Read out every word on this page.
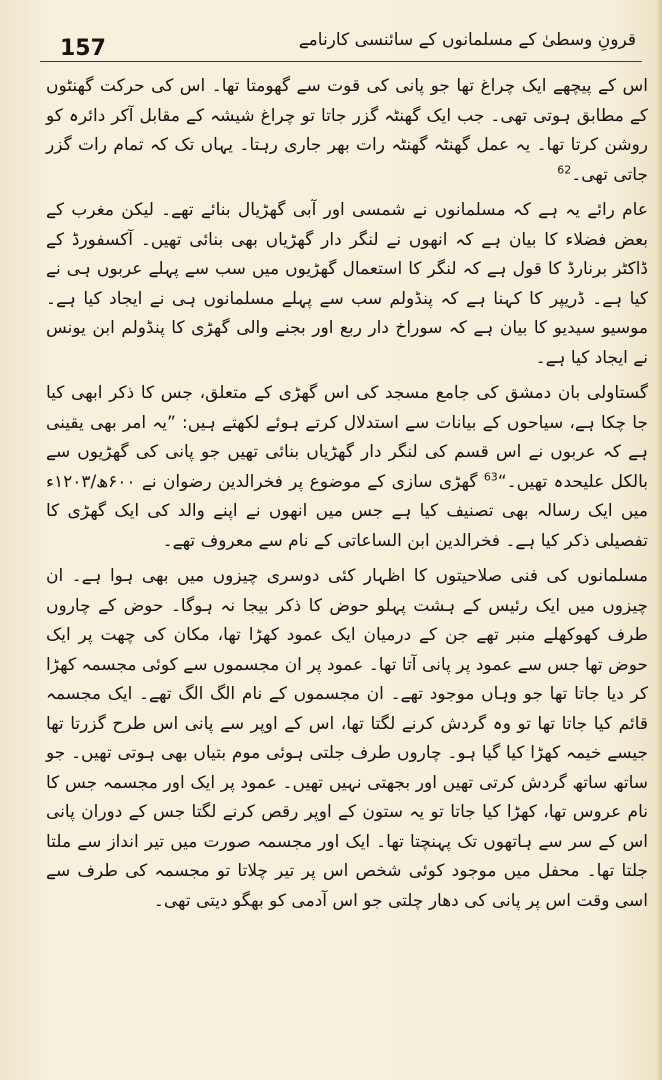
157	قرونِ وسطیٰ کے مسلمانوں کے سائنسی کارنامے

اس کے پیچھے ایک چراغ تھا جو پانی کی قوت سے گھومتا تھا۔ اس کی حرکت گھنٹوں کے مطابق ہوتی تھی۔ جب ایک گھنٹہ گزر جاتا تو چراغ شیشہ کے مقابل آکر دائرہ کو روشن کرتا تھا۔ یہ عمل گھنٹہ گھنٹہ رات بھر جاری رہتا۔ یہاں تک کہ تمام رات گزر جاتی تھی۔$^{62}$

عام رائے یہ ہے کہ مسلمانوں نے شمسی اور آبی گھڑیال بنائے تھے۔ لیکن مغرب کے بعض فضلاء کا بیان ہے کہ انھوں نے لنگر دار گھڑیاں بھی بنائی تھیں۔ آکسفورڈ کے ڈاکٹر برنارڈ کا قول ہے کہ لنگر کا استعمال گھڑیوں میں سب سے پہلے عربوں ہی نے کیا ہے۔ ڈریپر کا کہنا ہے کہ پنڈولم سب سے پہلے مسلمانوں ہی نے ایجاد کیا ہے۔ موسیو سیدیو کا بیان ہے کہ سوراخ دار ربع اور بجنے والی گھڑی کا پنڈولم ابن یونس نے ایجاد کیا ہے۔

گستاولی بان دمشق کی جامع مسجد کی اس گھڑی کے متعلق، جس کا ذکر ابھی کیا جا چکا ہے، سیاحوں کے بیانات سے استدلال کرتے ہوئے لکھتے ہیں: ”یہ امر بھی یقینی ہے کہ عربوں نے اس قسم کی لنگر دار گھڑیاں بنائی تھیں جو پانی کی گھڑیوں سے بالکل علیحدہ تھیں۔“$^{63}$ گھڑی سازی کے موضوع پر فخرالدین رضوان نے ۶۰۰ھ/۱۲۰۳ء میں ایک رسالہ بھی تصنیف کیا ہے جس میں انھوں نے اپنے والد کی ایک گھڑی کا تفصیلی ذکر کیا ہے۔ فخرالدین ابن الساعاتی کے نام سے معروف تھے۔

مسلمانوں کی فنی صلاحیتوں کا اظہار کئی دوسری چیزوں میں بھی ہوا ہے۔ ان چیزوں میں ایک رئیس کے ہشت پہلو حوض کا ذکر بیجا نہ ہوگا۔ حوض کے چاروں طرف کھوکھلے منبر تھے جن کے درمیان ایک عمود کھڑا تھا، مکان کی چھت پر ایک حوض تھا جس سے عمود پر پانی آتا تھا۔ عمود پر ان مجسموں سے کوئی مجسمہ کھڑا کر دیا جاتا تھا جو وہاں موجود تھے۔ ان مجسموں کے نام الگ الگ تھے۔ ایک مجسمہ قائم کیا جاتا تھا تو وہ گردش کرنے لگتا تھا، اس کے اوپر سے پانی اس طرح گزرتا تھا جیسے خیمہ کھڑا کیا گیا ہو۔ چاروں طرف جلتی ہوئی موم بتیاں بھی ہوتی تھیں۔ جو ساتھ ساتھ گردش کرتی تھیں اور بجھتی نہیں تھیں۔ عمود پر ایک اور مجسمہ جس کا نام عروس تھا، کھڑا کیا جاتا تو یہ ستون کے اوپر رقص کرنے لگتا جس کے دوران پانی اس کے سر سے ہاتھوں تک پہنچتا تھا۔ ایک اور مجسمہ صورت میں تیر انداز سے ملتا جلتا تھا۔ محفل میں موجود کوئی شخص اس پر تیر چلاتا تو مجسمہ کی طرف سے اسی وقت اس پر پانی کی دھار چلتی جو اس آدمی کو بھگو دیتی تھی۔
